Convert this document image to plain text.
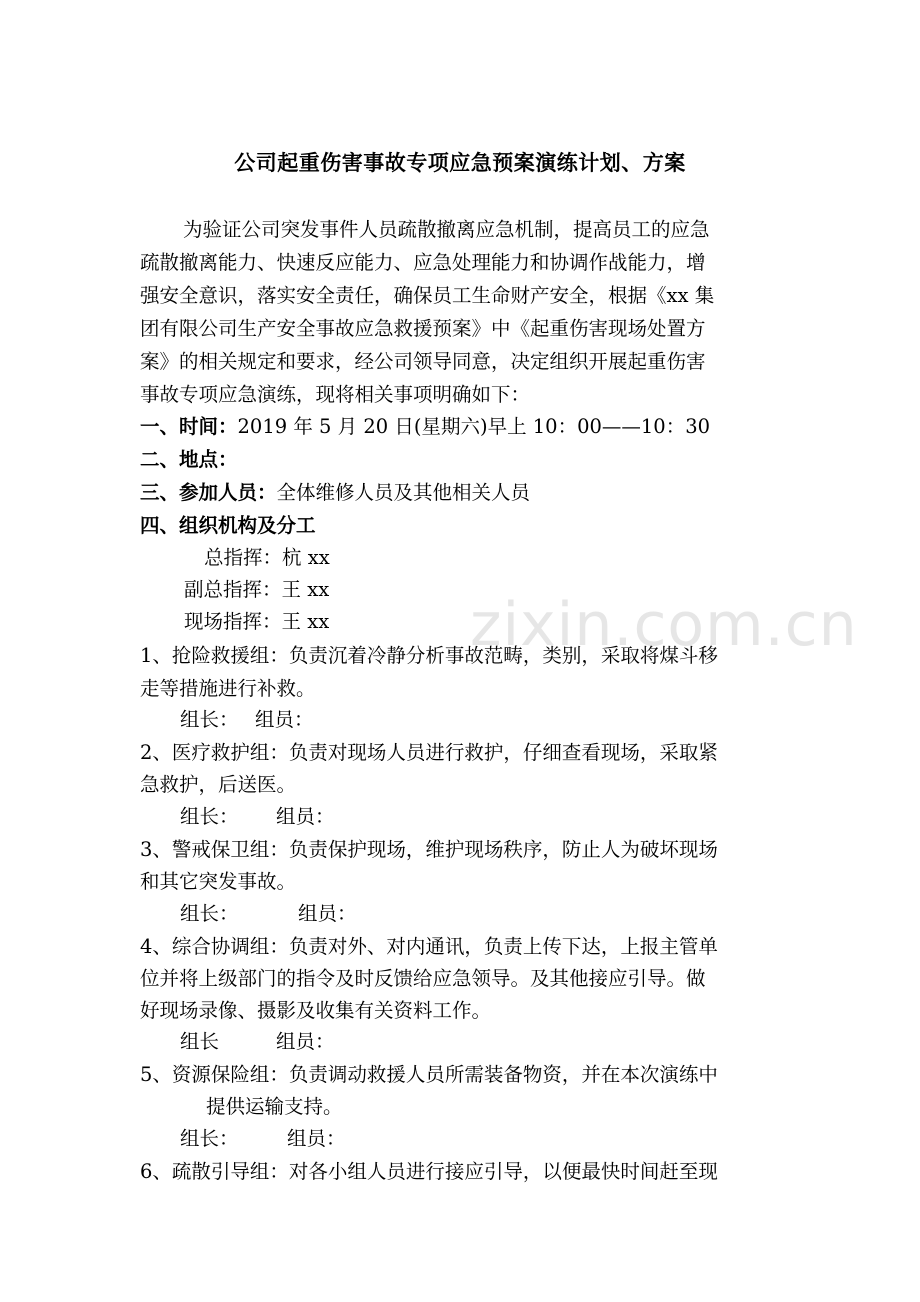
zixin.com.cn
公司起重伤害事故专项应急预案演练计划、方案
为验证公司突发事件人员疏散撤离应急机制，提高员工的应急
疏散撤离能力、快速反应能力、应急处理能力和协调作战能力，增
强安全意识，落实安全责任，确保员工生命财产安全，根据《xx 集
团有限公司生产安全事故应急救援预案》中《起重伤害现场处置方
案》的相关规定和要求，经公司领导同意，决定组织开展起重伤害
事故专项应急演练，现将相关事项明确如下：
一、时间：2019 年 5 月 20 日(星期六)早上 10：00——10：30
二、地点：
三、参加人员：全体维修人员及其他相关人员
四、组织机构及分工
总指挥：杭 xx
副总指挥：王 xx
现场指挥：王 xx
1、抢险救援组：负责沉着冷静分析事故范畴，类别，采取将煤斗移
走等措施进行补救。
组长： 组员：
2、医疗救护组：负责对现场人员进行救护，仔细查看现场，采取紧
急救护，后送医。
组长： 组员：
3、警戒保卫组：负责保护现场，维护现场秩序，防止人为破坏现场
和其它突发事故。
组长：	组员：
4、综合协调组：负责对外、对内通讯，负责上传下达，上报主管单
位并将上级部门的指令及时反馈给应急领导。及其他接应引导。做
好现场录像、摄影及收集有关资料工作。
组长	组员：
5、资源保险组：负责调动救援人员所需装备物资，并在本次演练中
提供运输支持。
组长： 组员：
6、疏散引导组：对各小组人员进行接应引导，以便最快时间赶至现
